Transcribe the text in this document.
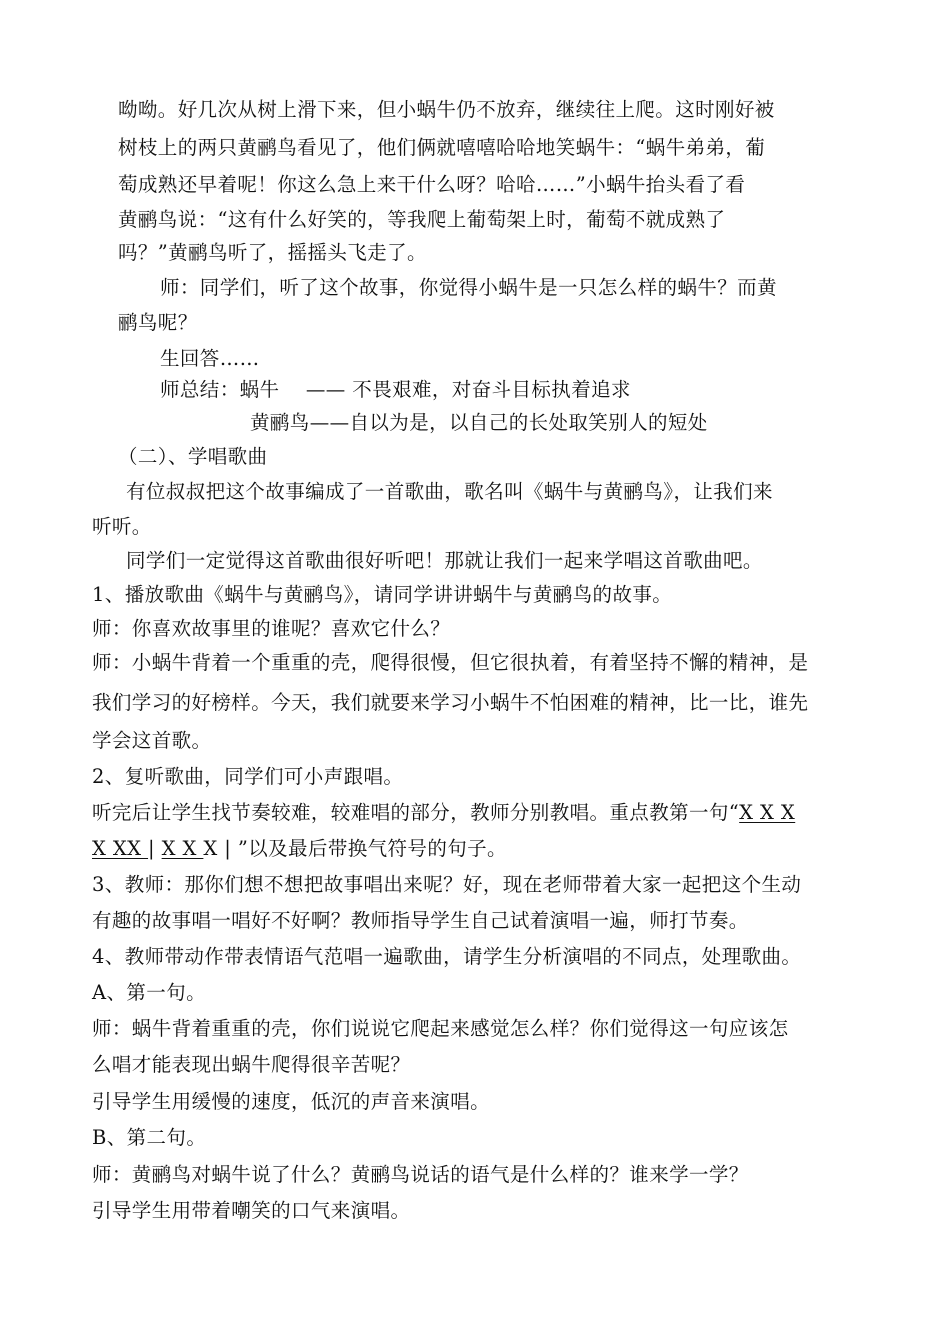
呦呦。好几次从树上滑下来，但小蜗牛仍不放弃，继续往上爬。这时刚好被

树枝上的两只黄鹂鸟看见了，他们俩就嘻嘻哈哈地笑蜗牛：“蜗牛弟弟，葡

萄成熟还早着呢！你这么急上来干什么呀？哈哈……”小蜗牛抬头看了看

黄鹂鸟说：“这有什么好笑的，等我爬上葡萄架上时，葡萄不就成熟了

吗？”黄鹂鸟听了，摇摇头飞走了。

师：同学们，听了这个故事，你觉得小蜗牛是一只怎么样的蜗牛？而黄

鹂鸟呢？

生回答……

师总结：蜗牛　 —— 不畏艰难，对奋斗目标执着追求

黄鹂鸟——自以为是，以自己的长处取笑别人的短处

（二）、学唱歌曲

有位叔叔把这个故事编成了一首歌曲，歌名叫《蜗牛与黄鹂鸟》，让我们来

听听。

同学们一定觉得这首歌曲很好听吧！那就让我们一起来学唱这首歌曲吧。

1、播放歌曲《蜗牛与黄鹂鸟》，请同学讲讲蜗牛与黄鹂鸟的故事。

师：你喜欢故事里的谁呢？喜欢它什么？

师：小蜗牛背着一个重重的壳，爬得很慢，但它很执着，有着坚持不懈的精神，是

我们学习的好榜样。今天，我们就要来学习小蜗牛不怕困难的精神，比一比，谁先

学会这首歌。

2、复听歌曲，同学们可小声跟唱。

听完后让学生找节奏较难，较难唱的部分，教师分别教唱。重点教第一句“X X X

X XX | X X X | ”以及最后带换气符号的句子。

3、教师：那你们想不想把故事唱出来呢？好，现在老师带着大家一起把这个生动

有趣的故事唱一唱好不好啊？教师指导学生自己试着演唱一遍，师打节奏。

4、教师带动作带表情语气范唱一遍歌曲，请学生分析演唱的不同点，处理歌曲。

A、第一句。

师：蜗牛背着重重的壳，你们说说它爬起来感觉怎么样？你们觉得这一句应该怎

么唱才能表现出蜗牛爬得很辛苦呢？

引导学生用缓慢的速度，低沉的声音来演唱。

B、第二句。

师：黄鹂鸟对蜗牛说了什么？黄鹂鸟说话的语气是什么样的？谁来学一学？

引导学生用带着嘲笑的口气来演唱。
